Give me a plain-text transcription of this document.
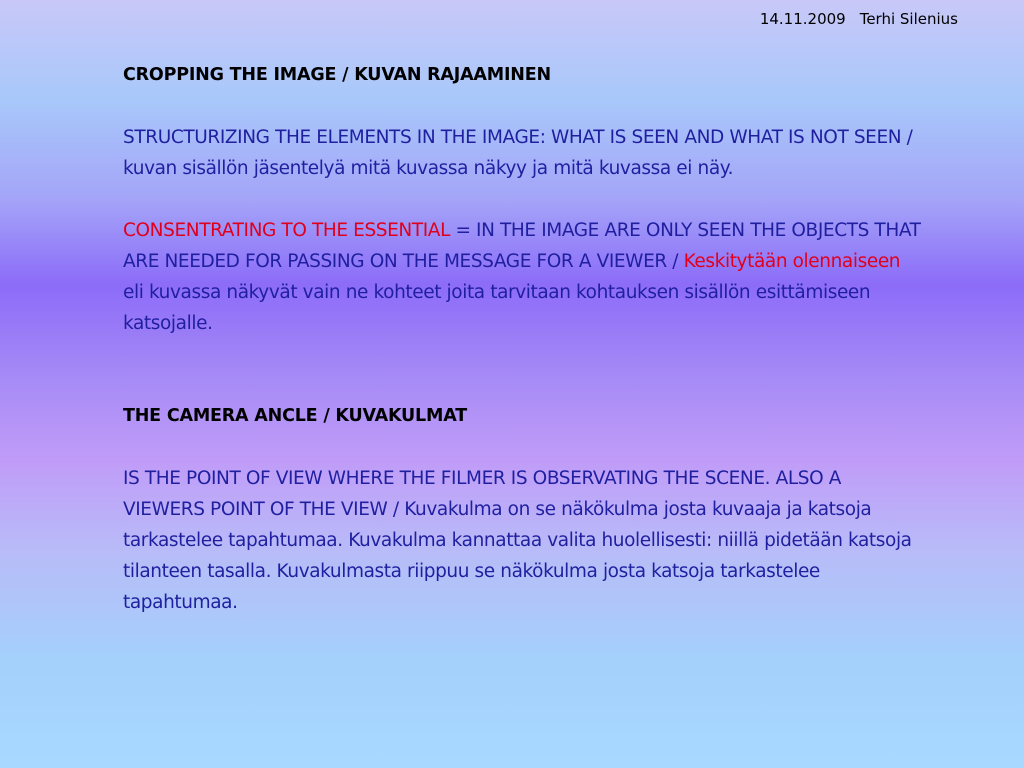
14.11.2009 Terhi Silenius

CROPPING THE IMAGE / KUVAN RAJAAMINEN

STRUCTURIZING THE ELEMENTS IN THE IMAGE: WHAT IS SEEN AND WHAT IS NOT SEEN / kuvan sisällön jäsentelyä mitä kuvassa näkyy ja mitä kuvassa ei näy.

CONSENTRATING TO THE ESSENTIAL = IN THE IMAGE ARE ONLY SEEN THE OBJECTS THAT ARE NEEDED FOR PASSING ON THE MESSAGE FOR A VIEWER / Keskitytään olennaiseen eli kuvassa näkyvät vain ne kohteet joita tarvitaan kohtauksen sisällön esittämiseen katsojalle.

THE CAMERA ANCLE / KUVAKULMAT

IS THE POINT OF VIEW WHERE THE FILMER IS OBSERVATING THE SCENE. ALSO A VIEWERS POINT OF THE VIEW / Kuvakulma on se näkökulma josta kuvaaja ja katsoja tarkastelee tapahtumaa. Kuvakulma kannattaa valita huolellisesti: niillä pidetään katsoja tilanteen tasalla. Kuvakulmasta riippuu se näkökulma josta katsoja tarkastelee tapahtumaa.
